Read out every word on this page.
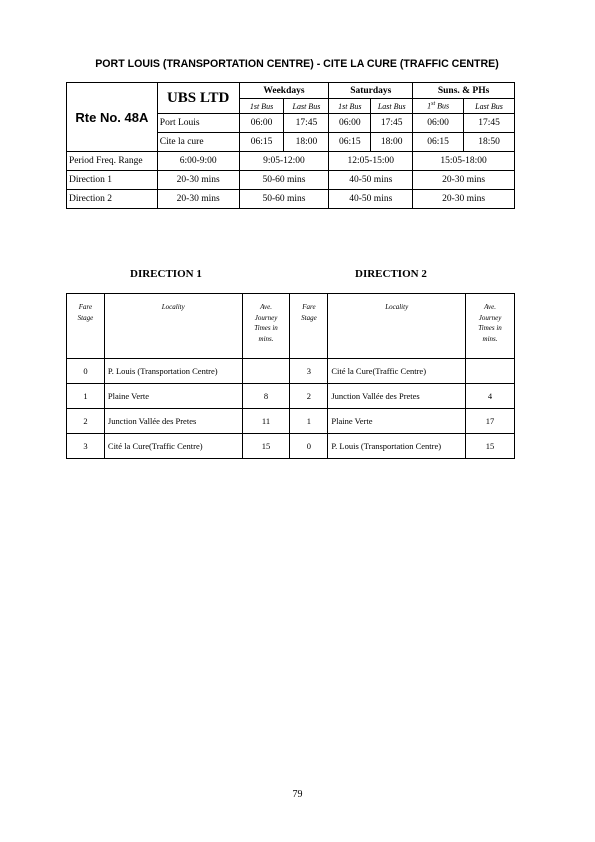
PORT LOUIS (TRANSPORTATION CENTRE) - CITE LA CURE (TRAFFIC CENTRE)
Rte No. 48A	UBS LTD	Weekdays		Saturdays		Suns. & PHs	
		1st Bus	Last Bus	1st Bus	Last Bus	1st Bus	Last Bus
	Port Louis	06:00	17:45	06:00	17:45	06:00	17:45
	Cite la cure	06:15	18:00	06:15	18:00	06:15	18:50
Period Freq. Range	6:00-9:00	9:05-12:00		12:05-15:00		15:05-18:00	
Direction 1	20-30 mins	50-60 mins		40-50 mins		20-30 mins	
Direction 2	20-30 mins	50-60 mins		40-50 mins		20-30 mins	
DIRECTION 1	DIRECTION 2
Fare
Stage	Locality	Ave.
Journey
Times in
mins.	Fare
Stage	Locality	Ave.
Journey
Times in
mins.
0	P. Louis (Transportation Centre)		3	Cité la Cure(Traffic Centre)	
1	Plaine Verte	8	2	Junction Vallée des Pretes	4
2	Junction Vallée des Pretes	11	1	Plaine Verte	17
3	Cité la Cure(Traffic Centre)	15	0	P. Louis (Transportation Centre)	15
79
